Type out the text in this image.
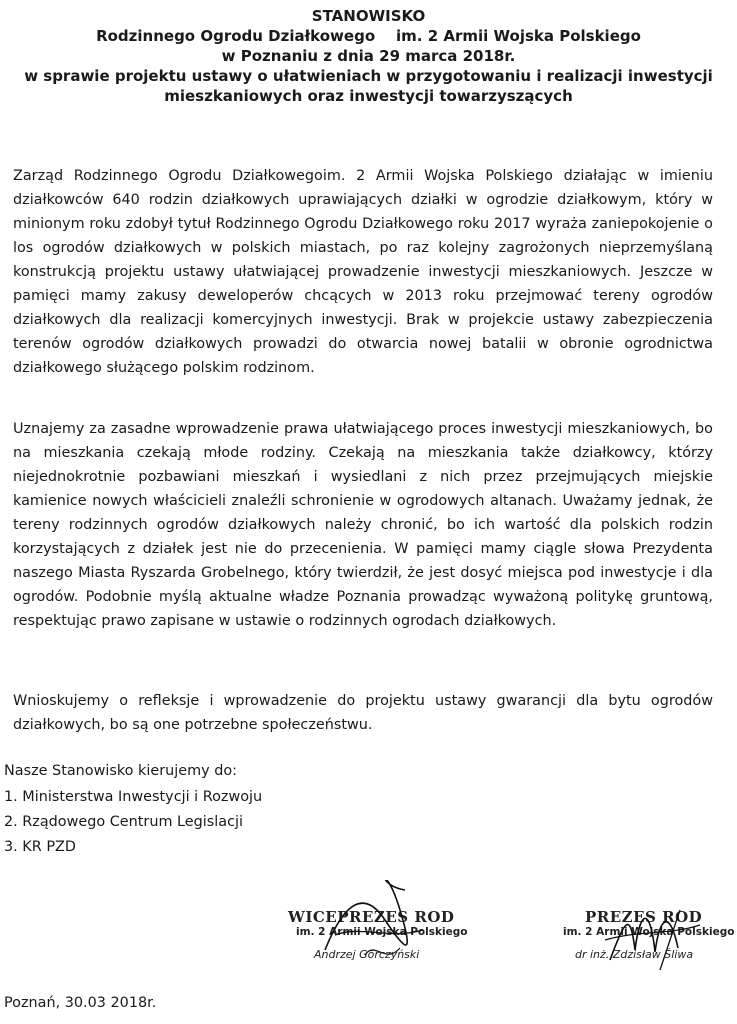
STANOWISKO
Rodzinnego Ogrodu Działkowego    im. 2 Armii Wojska Polskiego
w Poznaniu z dnia 29 marca 2018r.
w sprawie projektu ustawy o ułatwieniach w przygotowaniu i realizacji inwestycji
mieszkaniowych oraz inwestycji towarzyszących
Zarząd Rodzinnego Ogrodu Działkowegoim. 2 Armii Wojska Polskiego działając w imieniu działkowców 640 rodzin działkowych uprawiających działki w ogrodzie działkowym, który w minionym roku zdobył tytuł Rodzinnego Ogrodu Działkowego roku 2017 wyraża zaniepokojenie o los ogrodów działkowych w polskich miastach, po raz kolejny zagrożonych nieprzemyślaną konstrukcją projektu ustawy ułatwiającej prowadzenie inwestycji mieszkaniowych. Jeszcze w pamięci mamy zakusy deweloperów chcących w 2013 roku przejmować tereny ogrodów działkowych dla realizacji komercyjnych inwestycji. Brak w projekcie ustawy zabezpieczenia terenów ogrodów działkowych prowadzi do otwarcia nowej batalii w obronie ogrodnictwa działkowego służącego polskim rodzinom.
Uznajemy za zasadne wprowadzenie prawa ułatwiającego proces inwestycji mieszkaniowych, bo na mieszkania czekają młode rodziny. Czekają na mieszkania także działkowcy, którzy niejednokrotnie pozbawiani mieszkań i wysiedlani z nich przez przejmujących miejskie kamienice nowych właścicieli znaleźli schronienie w ogrodowych altanach. Uważamy jednak, że tereny rodzinnych ogrodów działkowych należy chronić, bo ich wartość dla polskich rodzin korzystających z działek jest nie do przecenienia. W pamięci mamy ciągle słowa Prezydenta naszego Miasta Ryszarda Grobelnego, który twierdził, że jest dosyć miejsca pod inwestycje i dla ogrodów. Podobnie myślą aktualne władze Poznania prowadząc wyważoną politykę gruntową, respektując prawo zapisane w ustawie o rodzinnych ogrodach działkowych.
Wnioskujemy o refleksje i wprowadzenie do projektu ustawy gwarancji dla bytu ogrodów działkowych, bo są one potrzebne społeczeństwu.
Nasze Stanowisko kierujemy do:
1. Ministerstwa Inwestycji i Rozwoju
2. Rządowego Centrum Legislacji
3. KR PZD
WICEPREZES ROD
im. 2 Armii Wojska Polskiego
Andrzej Górczyński
PREZES ROD
im. 2 Armii Wojska Polskiego
dr inż. Zdzisław Śliwa
Poznań, 30.03 2018r.
